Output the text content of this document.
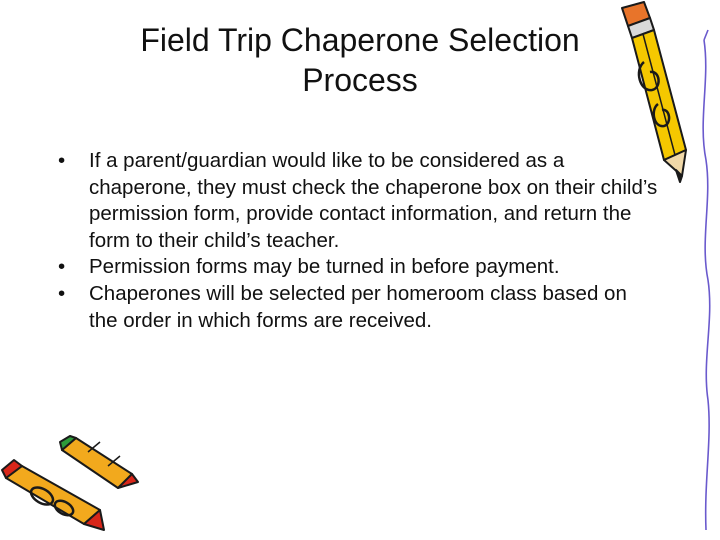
Field Trip Chaperone Selection Process
•	If a parent/guardian would like to be considered as a chaperone, they must check the chaperone box on their child’s permission form, provide contact information, and return the form to their child’s teacher.
•	Permission forms may be turned in before payment.
•	Chaperones will be selected per homeroom class based on the order in which forms are received.
